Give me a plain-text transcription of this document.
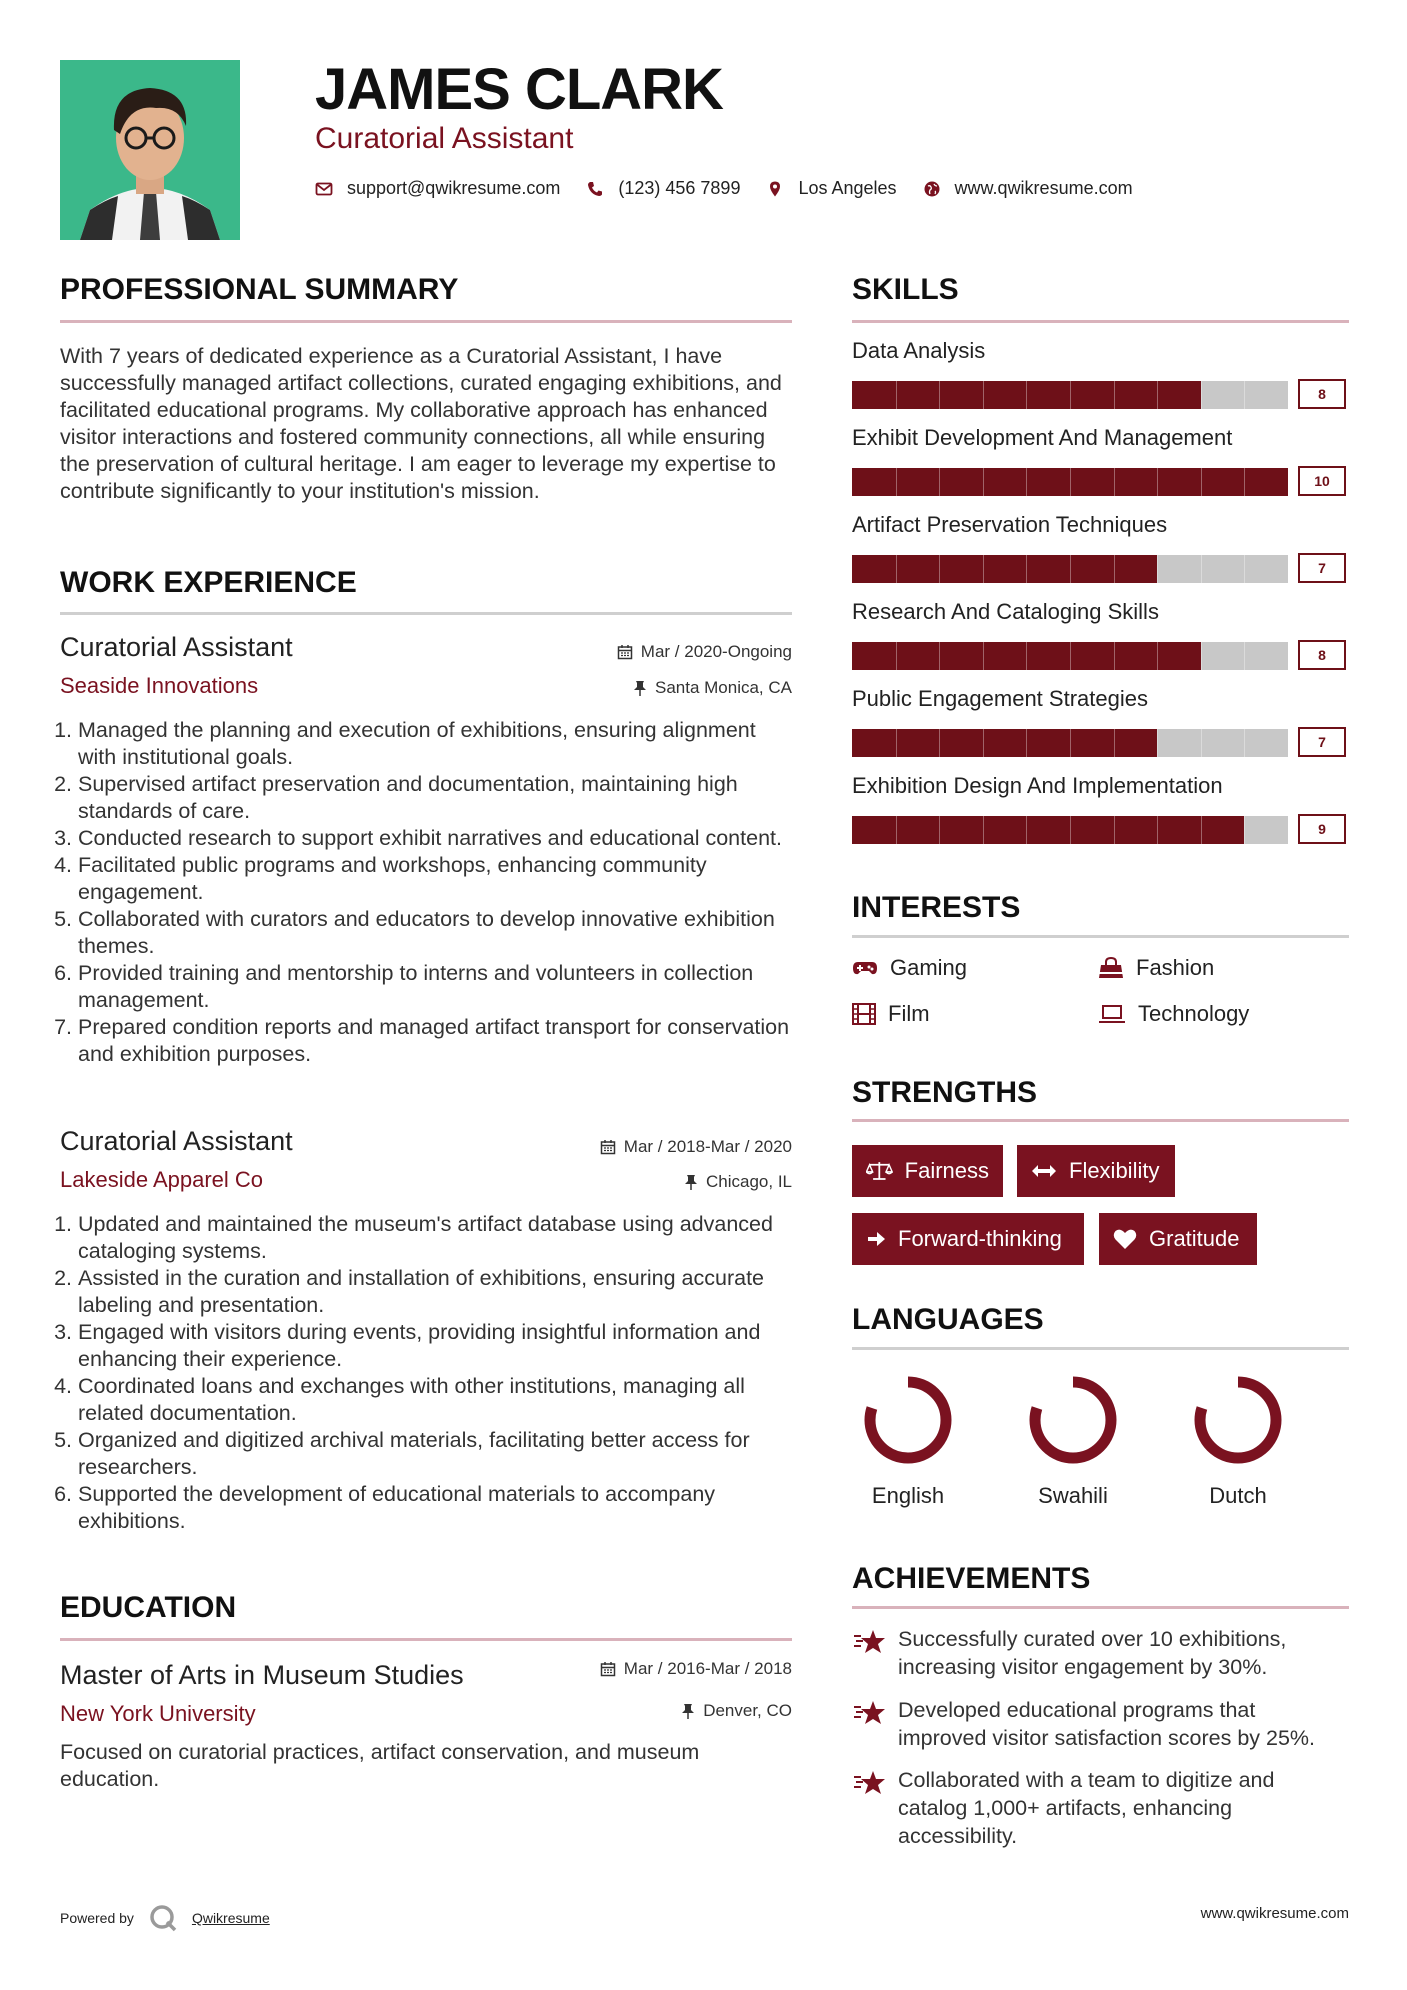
JAMES CLARK
Curatorial Assistant
support@qwikresume.com	(123) 456 7899	Los Angeles	www.qwikresume.com
PROFESSIONAL SUMMARY
With 7 years of dedicated experience as a Curatorial Assistant, I have successfully managed artifact collections, curated engaging exhibitions, and facilitated educational programs. My collaborative approach has enhanced visitor interactions and fostered community connections, all while ensuring the preservation of cultural heritage. I am eager to leverage my expertise to contribute significantly to your institution's mission.
WORK EXPERIENCE
Curatorial Assistant	Mar / 2020-Ongoing
Seaside Innovations	Santa Monica, CA
1. Managed the planning and execution of exhibitions, ensuring alignment with institutional goals.
2. Supervised artifact preservation and documentation, maintaining high standards of care.
3. Conducted research to support exhibit narratives and educational content.
4. Facilitated public programs and workshops, enhancing community engagement.
5. Collaborated with curators and educators to develop innovative exhibition themes.
6. Provided training and mentorship to interns and volunteers in collection management.
7. Prepared condition reports and managed artifact transport for conservation and exhibition purposes.
Curatorial Assistant	Mar / 2018-Mar / 2020
Lakeside Apparel Co	Chicago, IL
1. Updated and maintained the museum's artifact database using advanced cataloging systems.
2. Assisted in the curation and installation of exhibitions, ensuring accurate labeling and presentation.
3. Engaged with visitors during events, providing insightful information and enhancing their experience.
4. Coordinated loans and exchanges with other institutions, managing all related documentation.
5. Organized and digitized archival materials, facilitating better access for researchers.
6. Supported the development of educational materials to accompany exhibitions.
EDUCATION
Master of Arts in Museum Studies	Mar / 2016-Mar / 2018
New York University	Denver, CO
Focused on curatorial practices, artifact conservation, and museum education.
SKILLS
Data Analysis
8
Exhibit Development And Management
10
Artifact Preservation Techniques
7
Research And Cataloging Skills
8
Public Engagement Strategies
7
Exhibition Design And Implementation
9
INTERESTS
Gaming	Fashion
Film	Technology
STRENGTHS
Fairness	Flexibility
Forward-thinking	Gratitude
LANGUAGES
English	Swahili	Dutch
ACHIEVEMENTS
Successfully curated over 10 exhibitions, increasing visitor engagement by 30%.
Developed educational programs that improved visitor satisfaction scores by 25%.
Collaborated with a team to digitize and catalog 1,000+ artifacts, enhancing accessibility.
Powered by	Qwikresume	www.qwikresume.com
